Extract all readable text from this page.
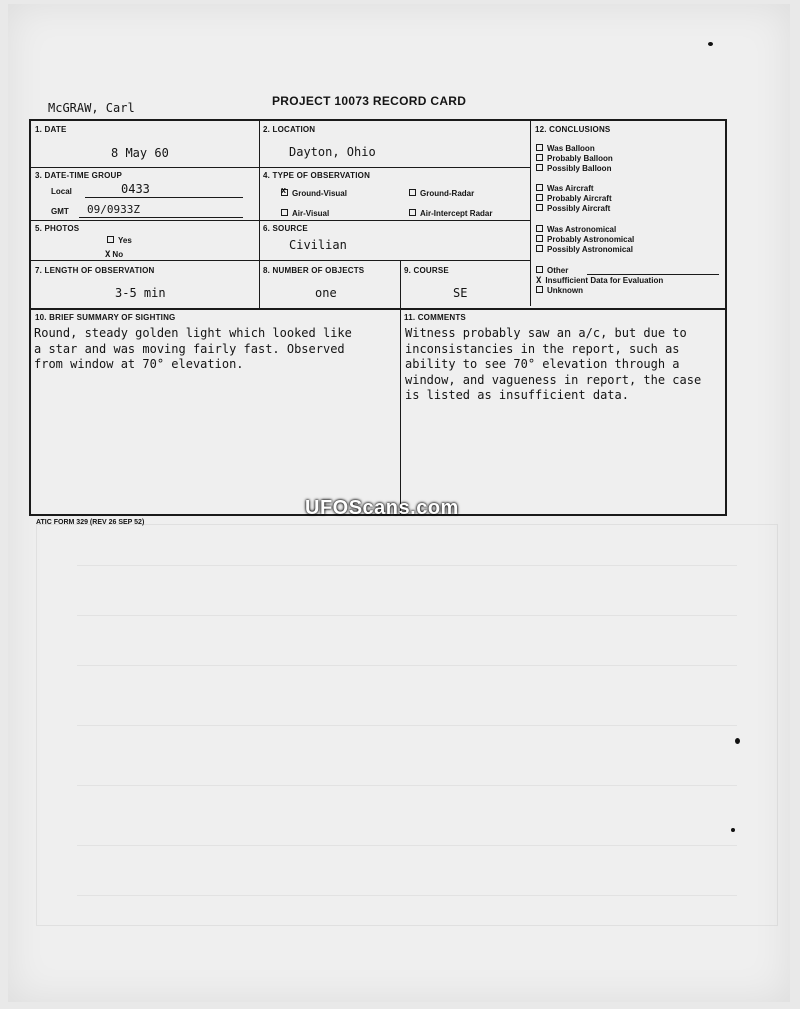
McGRAW, Carl	PROJECT 10073 RECORD CARD
1. DATE
8 May 60
2. LOCATION
Dayton, Ohio
3. DATE-TIME GROUP
Local	0433
GMT 09/0933Z
4. TYPE OF OBSERVATION
x Ground-Visual	Ground-Radar
Air-Visual	Air-Intercept Radar
5. PHOTOS
Yes
X No
6. SOURCE
Civilian
7. LENGTH OF OBSERVATION
3-5 min
8. NUMBER OF OBJECTS
one
9. COURSE
SE
12. CONCLUSIONS
Was Balloon
Probably Balloon
Possibly Balloon
Was Aircraft
Probably Aircraft
Possibly Aircraft
Was Astronomical
Probably Astronomical
Possibly Astronomical
Other
X Insufficient Data for Evaluation
Unknown
10. BRIEF SUMMARY OF SIGHTING
Round, steady golden light which looked like
a star and was moving fairly fast. Observed
from window at 70° elevation.
11. COMMENTS
Witness probably saw an a/c, but due to
inconsistancies in the report, such as
ability to see 70° elevation through a
window, and vagueness in report, the case
is listed as insufficient data.
ATIC FORM 329 (REV 26 SEP 52)
UFOScans.com
